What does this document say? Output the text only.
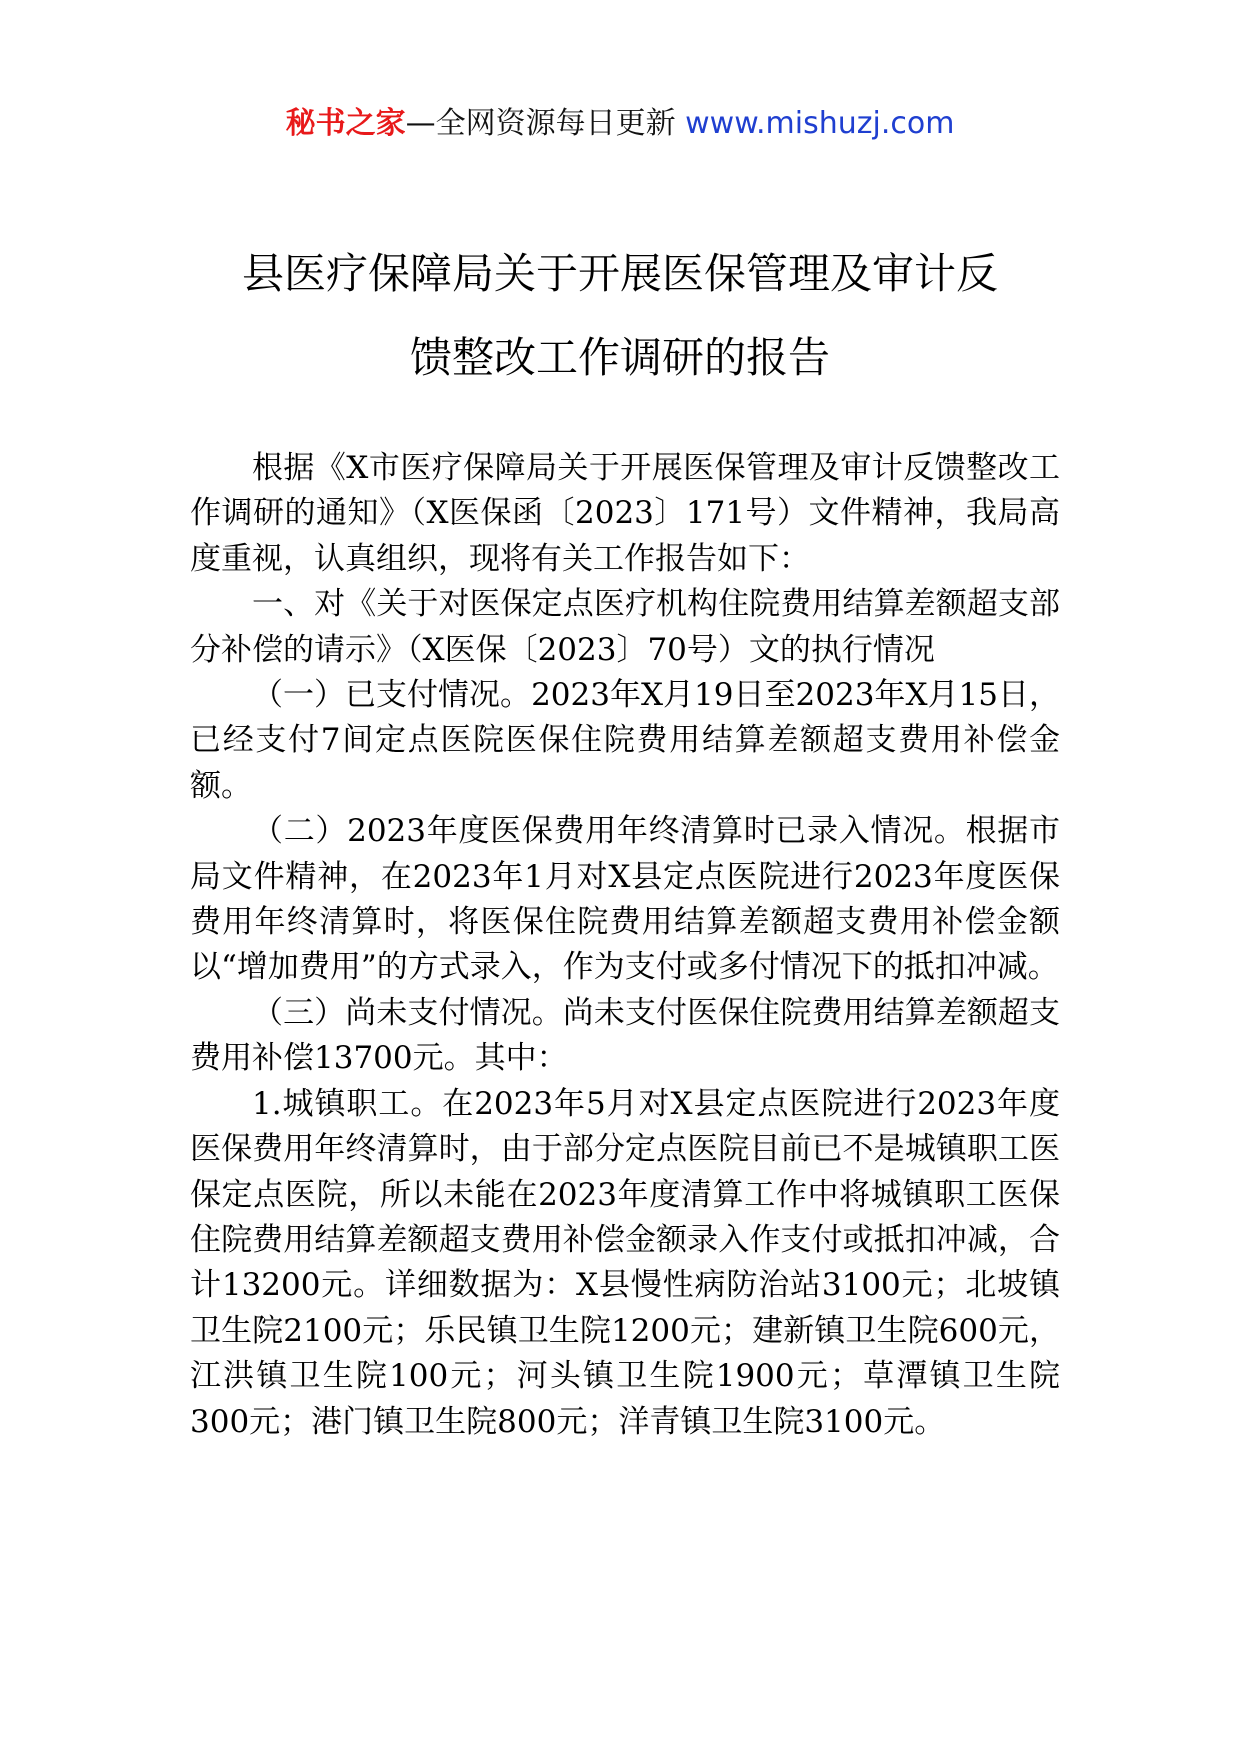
秘书之家—全网资源每日更新 www.mishuzj.com
县医疗保障局关于开展医保管理及审计反
馈整改工作调研的报告

根据《X市医疗保障局关于开展医保管理及审计反馈整改工作调研的通知》（X医保函〔2023〕171号）文件精神，我局高度重视，认真组织，现将有关工作报告如下：

一、对《关于对医保定点医疗机构住院费用结算差额超支部分补偿的请示》（X医保〔2023〕70号）文的执行情况

（一）已支付情况。2023年X月19日至2023年X月15日，已经支付7间定点医院医保住院费用结算差额超支费用补偿金额。

（二）2023年度医保费用年终清算时已录入情况。根据市局文件精神，在2023年1月对X县定点医院进行2023年度医保费用年终清算时，将医保住院费用结算差额超支费用补偿金额以“增加费用”的方式录入，作为支付或多付情况下的抵扣冲减。

（三）尚未支付情况。尚未支付医保住院费用结算差额超支费用补偿13700元。其中：

1.城镇职工。在2023年5月对X县定点医院进行2023年度医保费用年终清算时，由于部分定点医院目前已不是城镇职工医保定点医院，所以未能在2023年度清算工作中将城镇职工医保住院费用结算差额超支费用补偿金额录入作支付或抵扣冲减，合计13200元。详细数据为：X县慢性病防治站3100元；北坡镇卫生院2100元；乐民镇卫生院1200元；建新镇卫生院600元，江洪镇卫生院100元；河头镇卫生院1900元；草潭镇卫生院300元；港门镇卫生院800元；洋青镇卫生院3100元。
